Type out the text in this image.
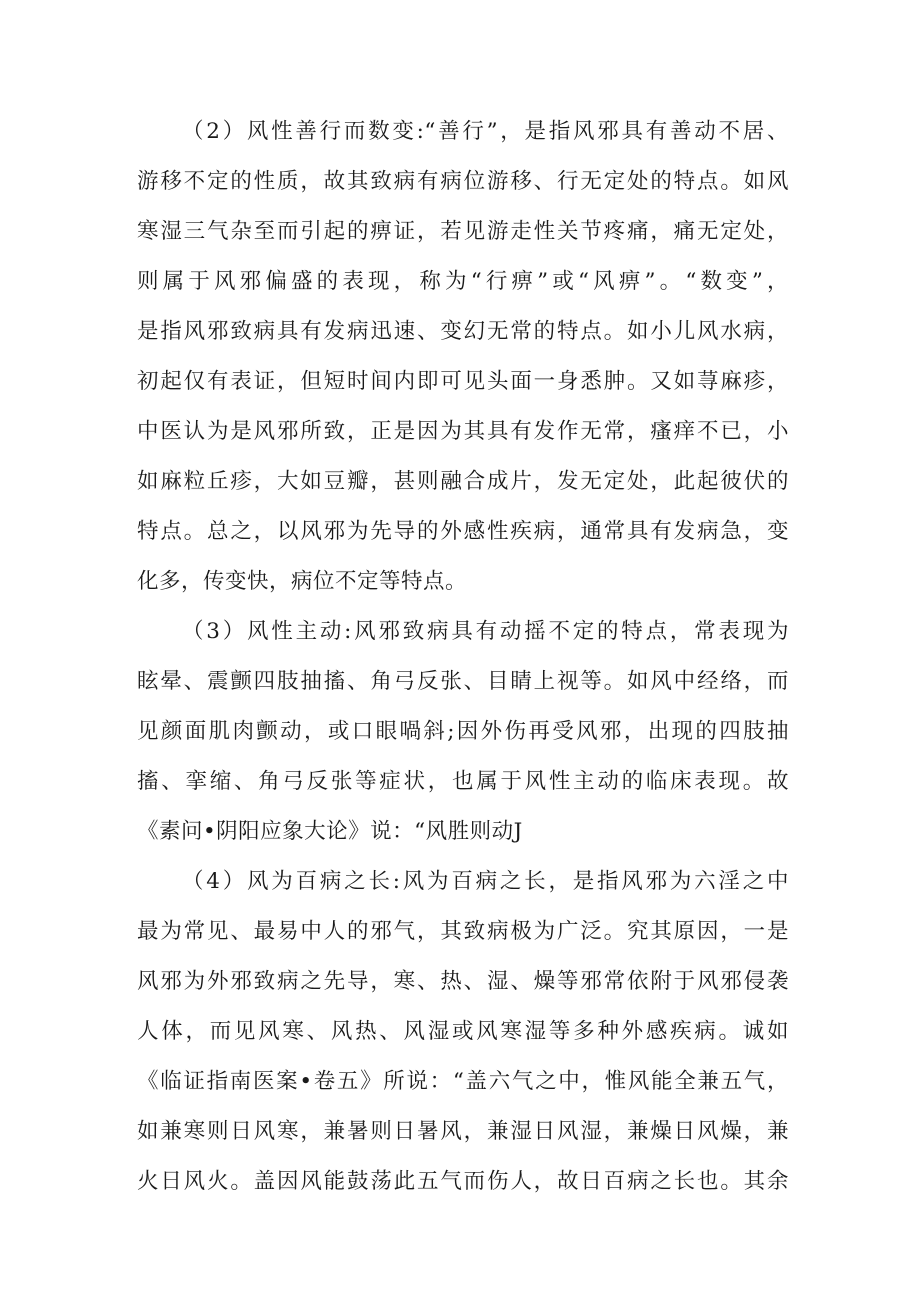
（2）风性善行而数变:“善行”，是指风邪具有善动不居、
游移不定的性质，故其致病有病位游移、行无定处的特点。如风
寒湿三气杂至而引起的痹证，若见游走性关节疼痛，痛无定处，
则属于风邪偏盛的表现，称为“行痹”或“风痹”。“数变”，
是指风邪致病具有发病迅速、变幻无常的特点。如小儿风水病，
初起仅有表证，但短时间内即可见头面一身悉肿。又如荨麻疹，
中医认为是风邪所致，正是因为其具有发作无常，瘙痒不已，小
如麻粒丘疹，大如豆瓣，甚则融合成片，发无定处，此起彼伏的
特点。总之，以风邪为先导的外感性疾病，通常具有发病急，变
化多，传变快，病位不定等特点。
（3）风性主动:风邪致病具有动摇不定的特点，常表现为
眩晕、震颤四肢抽搐、角弓反张、目睛上视等。如风中经络，而
见颜面肌肉颤动，或口眼喎斜;因外伤再受风邪，出现的四肢抽
搐、挛缩、角弓反张等症状，也属于风性主动的临床表现。故
《素问•阴阳应象大论》说：“风胜则动J
（4）风为百病之长:风为百病之长，是指风邪为六淫之中
最为常见、最易中人的邪气，其致病极为广泛。究其原因，一是
风邪为外邪致病之先导，寒、热、湿、燥等邪常依附于风邪侵袭
人体，而见风寒、风热、风湿或风寒湿等多种外感疾病。诚如
《临证指南医案•卷五》所说：“盖六气之中，惟风能全兼五气，
如兼寒则日风寒，兼暑则日暑风，兼湿日风湿，兼燥日风燥，兼
火日风火。盖因风能鼓荡此五气而伤人，故日百病之长也。其余
